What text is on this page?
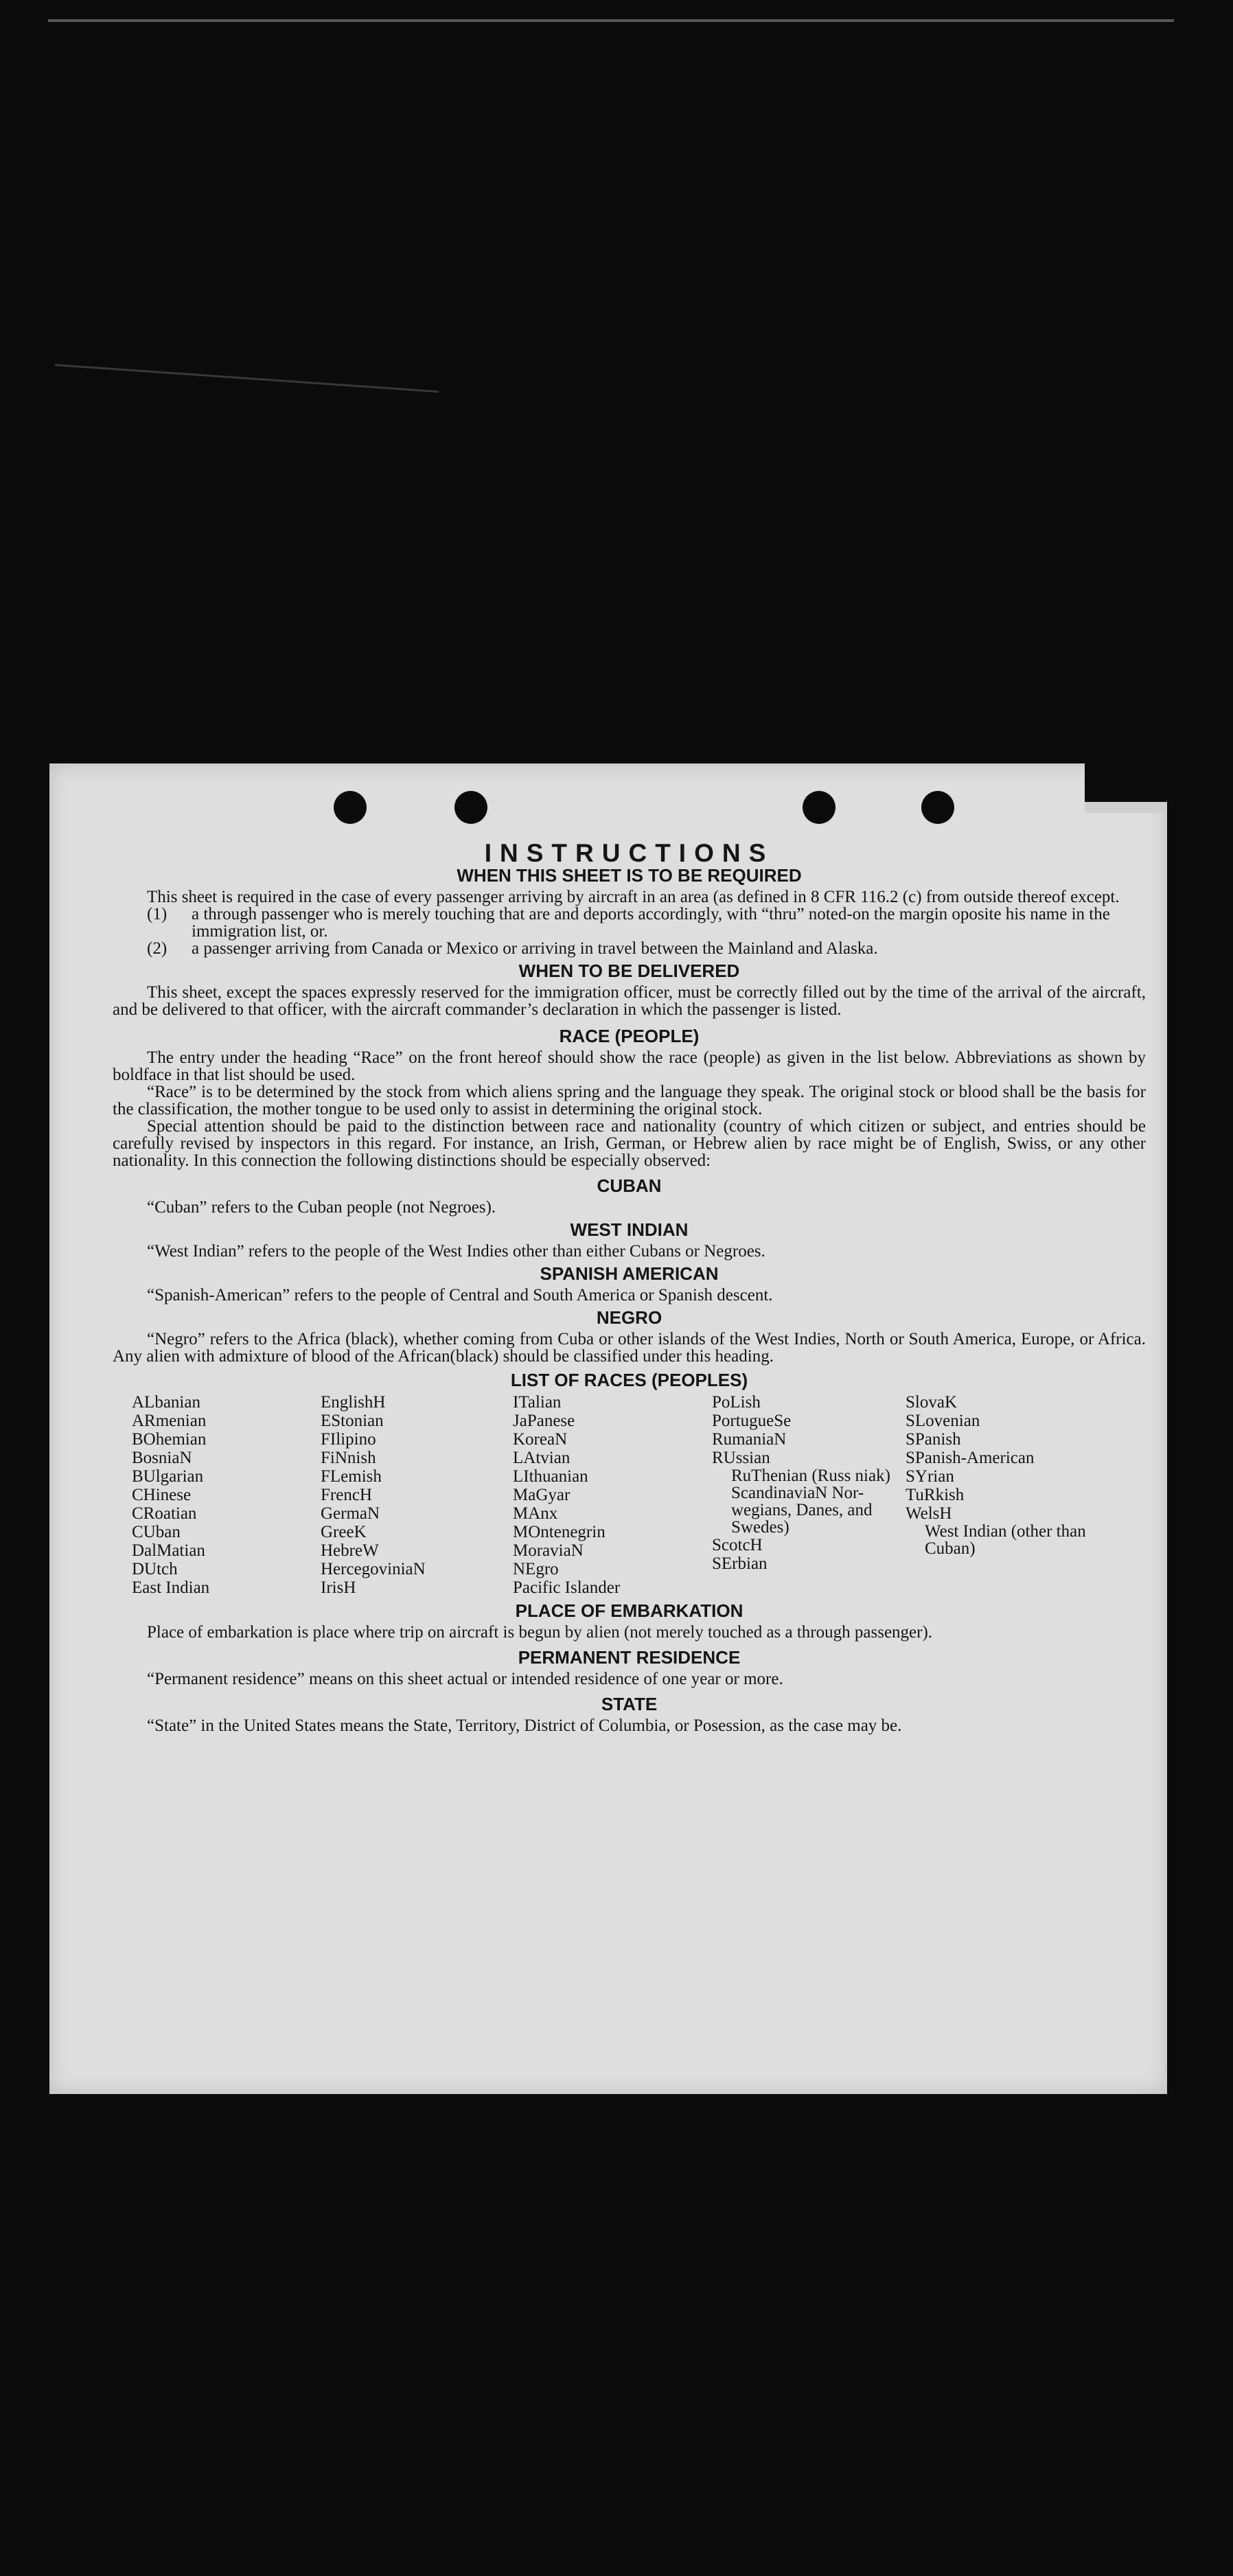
INSTRUCTIONS
WHEN THIS SHEET IS TO BE REQUIRED

This sheet is required in the case of every passenger arriving by aircraft in an area (as defined in 8 CFR 116.2 (c) from outside thereof except.

(1)	a through passenger who is merely touching that are and deports accordingly, with “thru” noted-on the margin oposite his name in the immigration list, or.
(2)	a passenger arriving from Canada or Mexico or arriving in travel between the Mainland and Alaska.
WHEN TO BE DELIVERED

This sheet, except the spaces expressly reserved for the immigration officer, must be correctly filled out by the time of the arrival of the aircraft, and be delivered to that officer, with the aircraft commander’s declaration in which the passenger is listed.

RACE (PEOPLE)

The entry under the heading “Race” on the front hereof should show the race (people) as given in the list below. Abbreviations as shown by boldface in that list should be used.

“Race” is to be determined by the stock from which aliens spring and the language they speak. The original stock or blood shall be the basis for the classification, the mother tongue to be used only to assist in determining the original stock.

Special attention should be paid to the distinction between race and nationality (country of which citizen or subject, and entries should be carefully revised by inspectors in this regard. For instance, an Irish, German, or Hebrew alien by race might be of English, Swiss, or any other nationality. In this connection the following distinctions should be especially observed:

CUBAN

“Cuban” refers to the Cuban people (not Negroes).

WEST INDIAN

“West Indian” refers to the people of the West Indies other than either Cubans or Negroes.

SPANISH AMERICAN

“Spanish-American” refers to the people of Central and South America or Spanish descent.

NEGRO

“Negro” refers to the Africa (black), whether coming from Cuba or other islands of the West Indies, North or South America, Europe, or Africa. Any alien with admixture of blood of the African(black) should be classified under this heading.

LIST OF RACES (PEOPLES)
ALbanian
ARmenian
BOhemian
BosniaN
BUlgarian
CHinese
CRoatian
CUban
DalMatian
DUtch
East Indian
EnglishH
EStonian
FIlipino
FiNnish
FLemish
FrencH
GermaN
GreeK
HebreW
HercegoviniaN
IrisH
ITalian
JaPanese
KoreaN
LAtvian
LIthuanian
MaGyar
MAnx
MOntenegrin
MoraviaN
NEgro
Pacific Islander
PoLish
PortugueSe
RumaniaN
RUssian
RuThenian (Russ niak)
ScandinaviaN Nor-wegians, Danes, and Swedes)
ScotcH
SErbian
SlovaK
SLovenian
SPanish
SPanish-American
SYrian
TuRkish
WelsH
West Indian (other than Cuban)
PLACE OF EMBARKATION

Place of embarkation is place where trip on aircraft is begun by alien (not merely touched as a through passenger).

PERMANENT RESIDENCE

“Permanent residence” means on this sheet actual or intended residence of one year or more.

STATE

“State” in the United States means the State, Territory, District of Columbia, or Posession, as the case may be.
